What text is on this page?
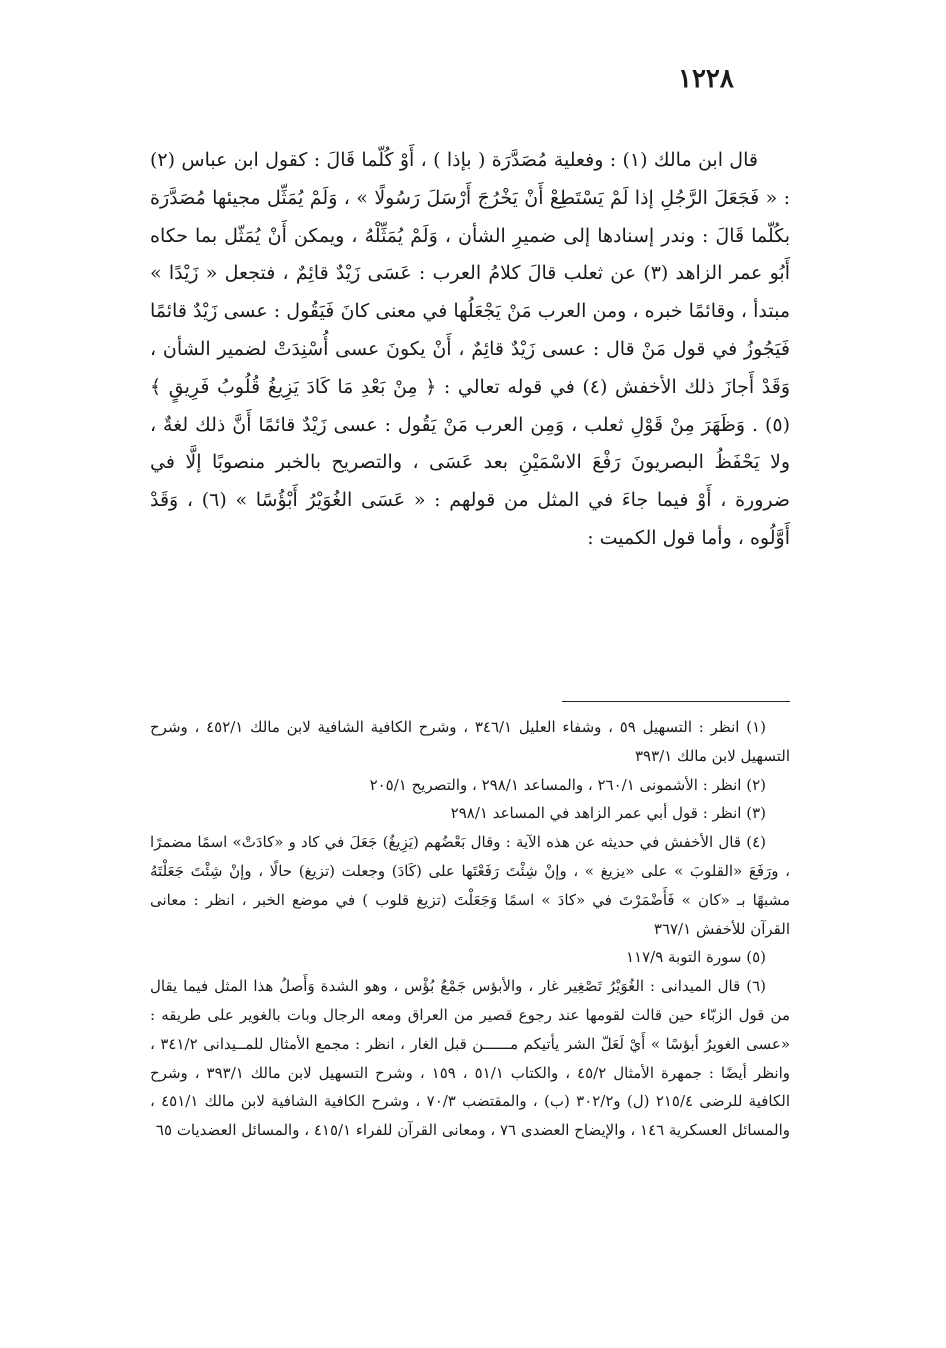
١٢٢٨

قال ابن مالك (١) : وفعلية مُصَدَّرَة ( بإذا ) ، أَوْ كُلّما قَالَ : كقول ابن عباس (٢) : « فَجَعَلَ الرَّجُلِ إذا لَمْ يَسْتَطِعْ أَنْ يَخْرُجَ أَرْسَلَ رَسُولًا » ، وَلَمْ يُمَثِّل مجيئها مُصَدَّرَة بكُلّما قَالَ : وندر إسنادها إلى ضميرِ الشأن ، وَلَمْ يُمَثِّلْهُ ، ويمكن أَنْ يُمَثّل بما حكاه أَبُو عمر الزاهد (٣) عن ثعلب قالَ كلامُ العرب : عَسَى زَيْدٌ قائِمٌ ، فتجعل « زَيْدًا » مبتدأ ، وقائمًا خبره ، ومن العرب مَنْ يَجْعَلُها في معنى كانَ فَيَقُول : عسى زَيْدٌ قائمًا فَيَجُوزُ في قول مَنْ قال : عسى زَيْدٌ قائِمٌ ، أَنْ يكونَ عسى أُسْنِدَتْ لضمير الشأن ، وَقَدْ أَجازَ ذلك الأخفش (٤) في قوله تعالي : ﴿ مِنْ بَعْدِ مَا كَادَ يَزِيغُ قُلُوبُ فَرِيقٍ ﴾ (٥) . وَظَهَرَ مِنْ قَوْلِ ثعلب ، وَمِن العرب مَنْ يَقُول : عسى زَيْدٌ قائمًا أَنَّ ذلك لغةٌ ، ولا يَحْفَظُ البصريونَ رَفْعَ الاسْمَيْنِ بعد عَسَى ، والتصريح بالخبر منصوبًا إلَّا في ضرورة ، أَوْ فيما جاءَ في المثل من قولهم : « عَسَى الغُوَيْرُ أَبْؤُسًا » (٦) ، وَقَدْ أَوَّلُوه ، وأما قول الكميت :

(١) انظر : التسهيل ٥٩ ، وشفاء العليل ٣٤٦/١ ، وشرح الكافية الشافية لابن مالك ٤٥٢/١ ، وشرح التسهيل لابن مالك ٣٩٣/١

(٢) انظر : الأشمونى ٢٦٠/١ ، والمساعد ٢٩٨/١ ، والتصريح ٢٠٥/١

(٣) انظر : قول أبي عمر الزاهد في المساعد ٢٩٨/١

(٤) قال الأخفش في حديثه عن هذه الآية : وقال بَعْضُهم (يَزِيغُ) جَعَلَ في كاد و «كادَتْ» اسمًا مضمرًا ، ورَفَعَ «القلوبَ » على «يزيغ » ، وإنْ شِئْتَ رَفَعْتَها على (كَادَ) وجعلت (تزيغ) حالًا ، وإنْ شِئْتَ جَعَلْتَهُ مشبهًا بـ «كان » فَأَضْمَرْتَ في «كادَ » اسمًا وَجَعَلْتَ (تزيغ قلوب ) في موضع الخبر ، انظر : معانى القرآن للأخفش ٣٦٧/١

(٥) سورة التوبة ١١٧/٩

(٦) قال الميدانى : الغُوَيْرُ تَصْغِير غار ، والأبؤس جَمْعُ بُؤْس ، وهو الشدة وَأَصلُ هذا المثل فيما يقال من قول الزبّاء حين قالت لقومها عند رجوع قصير من العراق ومعه الرجال وبات بالغوير على طريقه : «عسى الغويرُ أبؤسًا » أَيْ لَعَلّ الشر يأتيكم مــــــن قبل الغار ، انظر : مجمع الأمثال للمــيدانى ٣٤١/٢ ، وانظر أيضًا : جمهرة الأمثال ٤٥/٢ ، والكتاب ٥١/١ ، ١٥٩ ، وشرح التسهيل لابن مالك ٣٩٣/١ ، وشرح الكافية للرضى ٢١٥/٤ (ل) و٣٠٢/٢ (ب) ، والمقتضب ٧٠/٣ ، وشرح الكافية الشافية لابن مالك ٤٥١/١ ، والمسائل العسكرية ١٤٦ ، والإيضاح العضدى ٧٦ ، ومعانى القرآن للفراء ٤١٥/١ ، والمسائل العضديات ٦٥
